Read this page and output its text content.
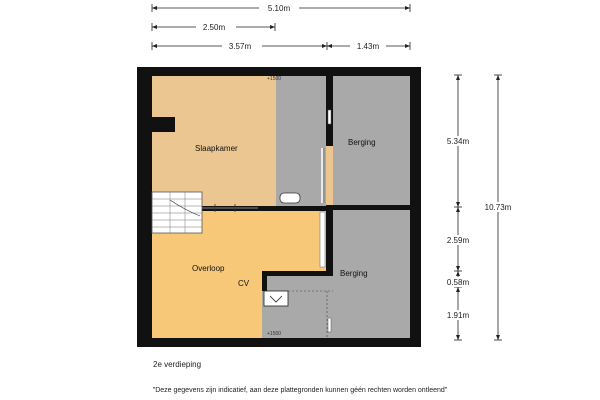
5.10m
2.50m
3.57m	1.43m
5.34m
10.73m
2.59m
0.58m
1.91m
+1500
+1500
Slaapkamer
Berging
Overloop
CV
Berging
2e verdieping
"Deze gegevens zijn indicatief, aan deze plattegronden kunnen géén rechten worden ontleend"
